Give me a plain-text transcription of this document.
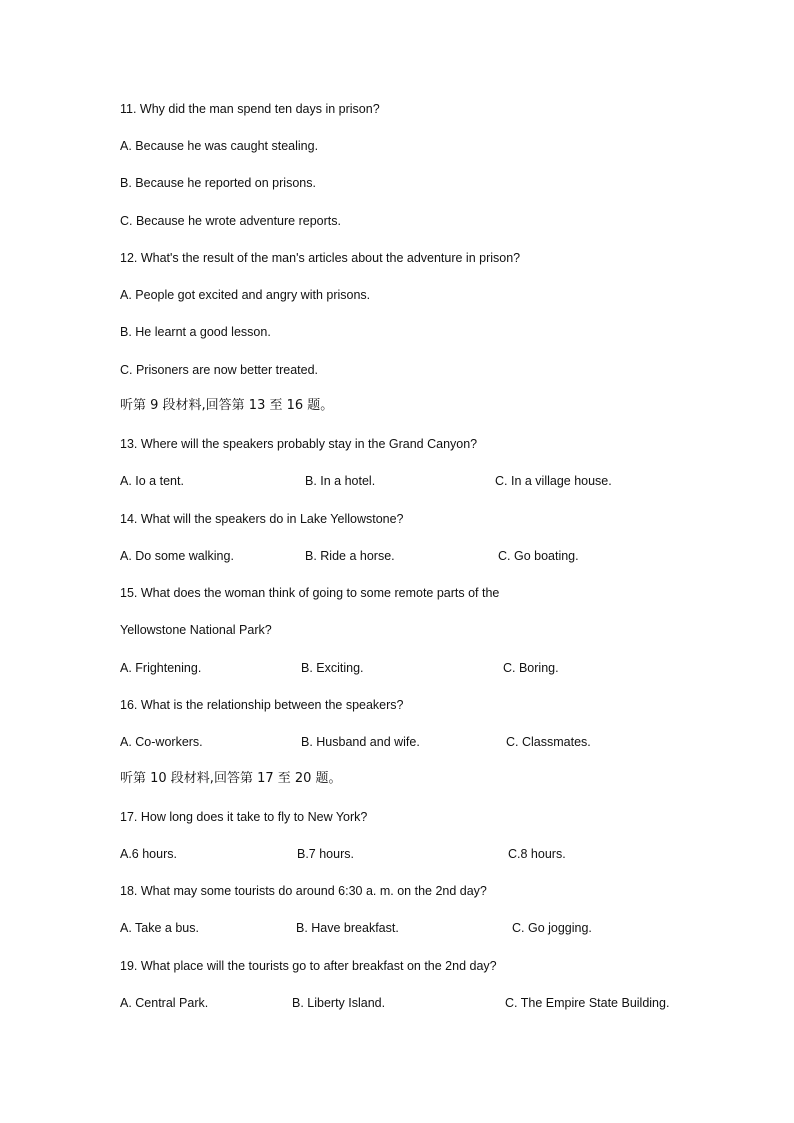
11. Why did the man spend ten days in prison?
A. Because he was caught stealing.
B. Because he reported on prisons.
C. Because he wrote adventure reports.
12. What's the result of the man's articles about the adventure in prison?
A. People got excited and angry with prisons.
B. He learnt a good lesson.
C. Prisoners are now better treated.
听第 9 段材料,回答第 13 至 16 题。
13. Where will the speakers probably stay in the Grand Canyon?
A. Io a tent.	B. In a hotel.	C. In a village house.
14. What will the speakers do in Lake Yellowstone?
A. Do some walking.	B. Ride a horse.	C. Go boating.
15. What does the woman think of going to some remote parts of the
Yellowstone National Park?
A. Frightening.	B. Exciting.	C. Boring.
16. What is the relationship between the speakers?
A. Co-workers.	B. Husband and wife.	C. Classmates.
听第 10 段材料,回答第 17 至 20 题。
17. How long does it take to fly to New York?
A.6 hours.	B.7 hours.	C.8 hours.
18. What may some tourists do around 6:30 a. m. on the 2nd day?
A. Take a bus.	B. Have breakfast.	C. Go jogging.
19. What place will the tourists go to after breakfast on the 2nd day?
A. Central Park.	B. Liberty Island.	C. The Empire State Building.
